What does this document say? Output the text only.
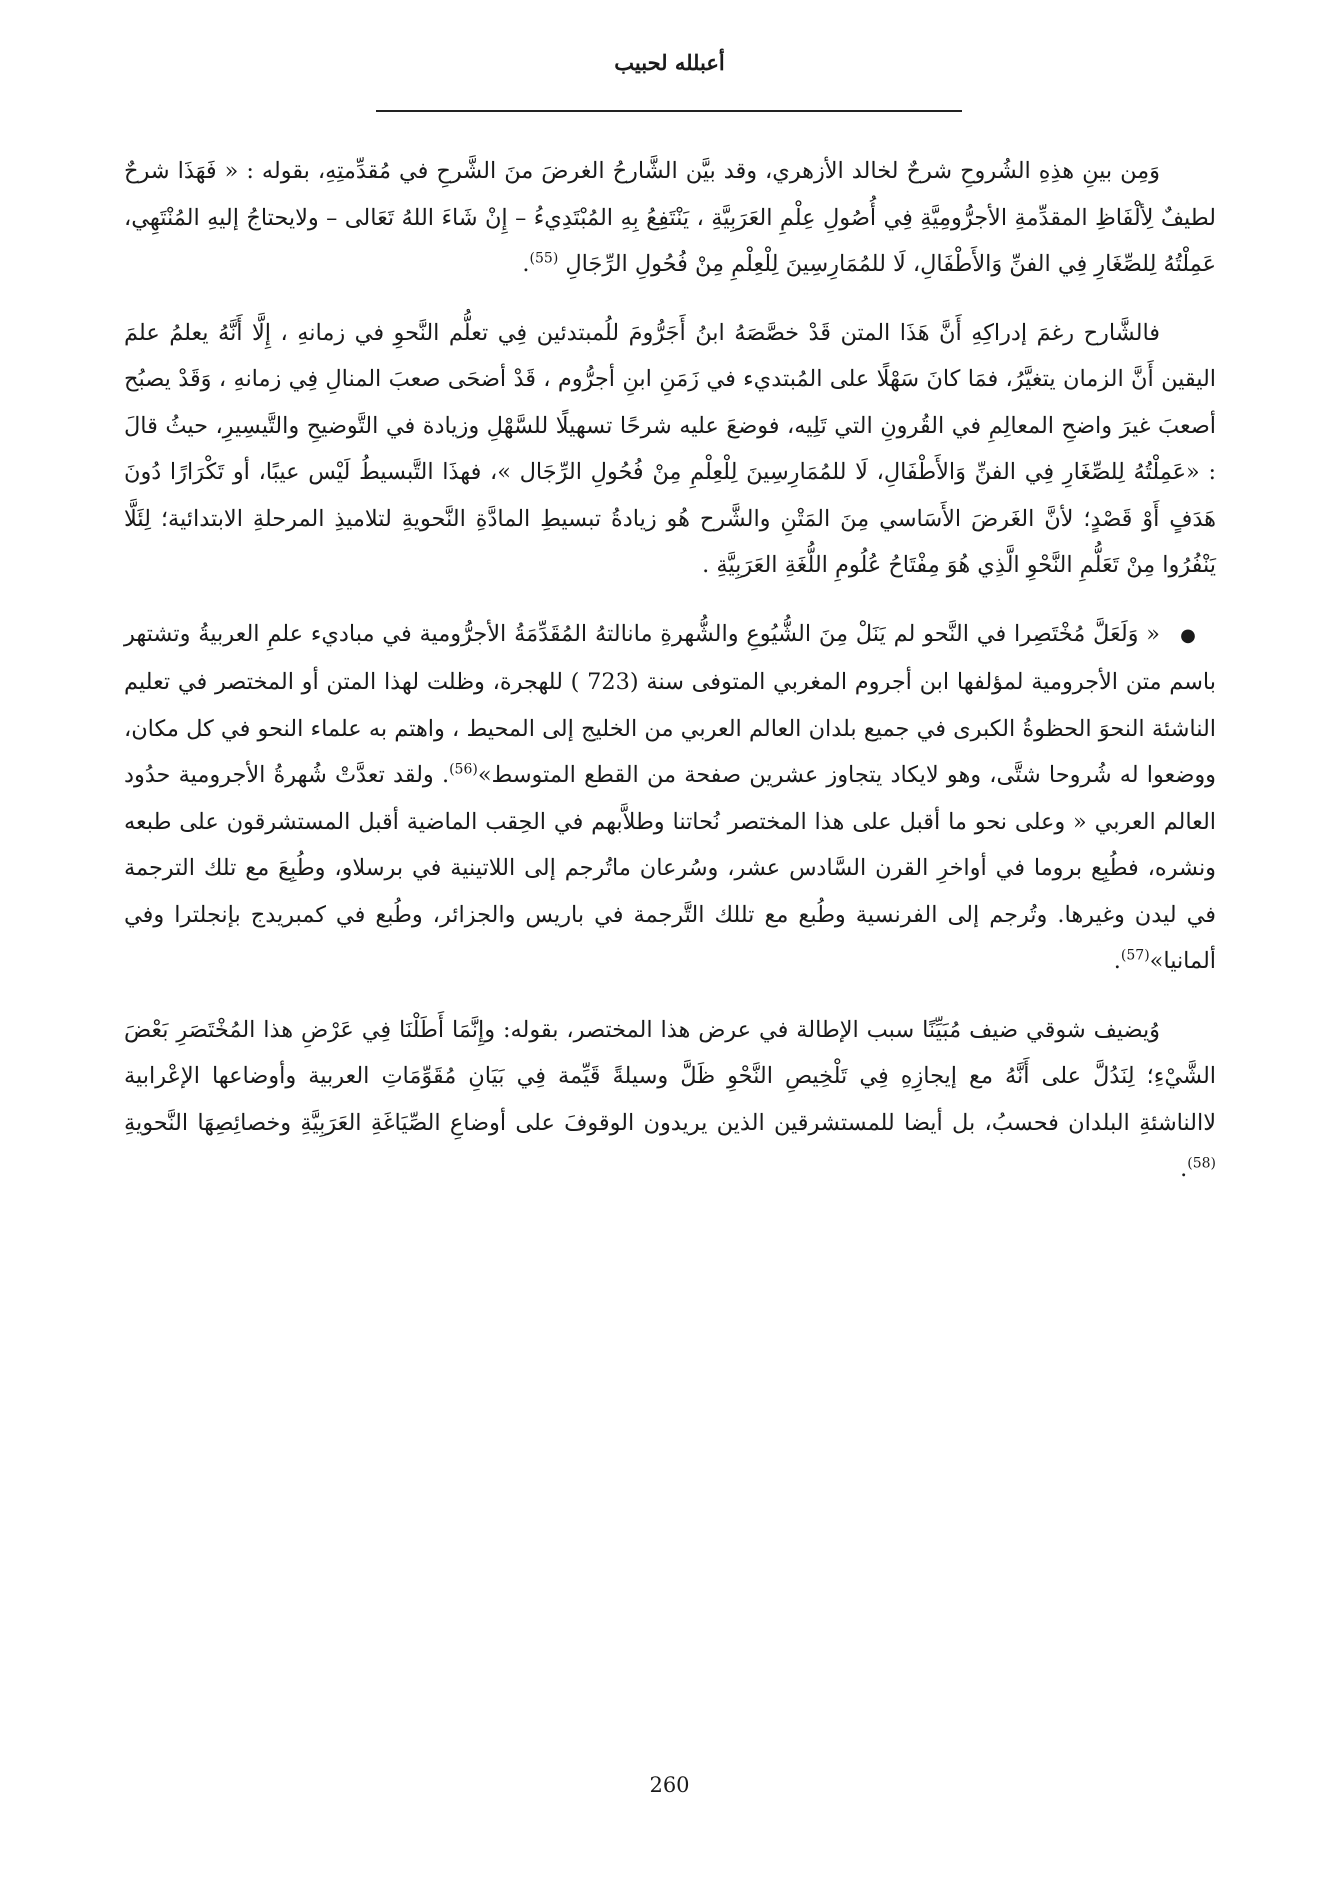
أعبلله لحبيب

وَمِن بينِ هذِهِ الشُروحِ شرحٌ لخالد الأزهري، وقد بيَّن الشَّارحُ الغرضَ منَ الشَّرحِ في مُقدِّمتِهِ، بقوله : « فَهَذَا شرحٌ لطيفٌ لِألْفَاظِ المقدِّمةِ الأجرُّومِيَّةِ فِي أُصُولِ عِلْمِ العَرَبِيَّةِ ، يَنْتَفِعُ بِهِ المُبْتَدِيءُ – إِنْ شَاءَ اللهُ تَعَالى – ولايحتاجُ إليهِ المُنْتَهِي، عَمِلْتُهُ لِلصِّغَارِ فِي الفنِّ وَالأَطْفَالِ، لَا للمُمَارِسِينَ لِلْعِلْمِ مِنْ فُحُولِ الرِّجَالِ $^{(55)}$.

فالشَّارح رغمَ إدراكِهِ أَنَّ هَذَا المتن قَدْ خصَّصَهُ ابنُ أَجَرُّومَ للُمبتدئين فِي تعلُّم النَّحوِ في زمانهِ ، إِلَّا أَنَّهُ يعلمُ علمَ اليقين أَنَّ الزمان يتغيَّرُ، فمَا كانَ سَهْلًا على المُبتديء في زَمَنِ ابنِ أجرُّوم ، قَدْ أضحَى صعبَ المنالِ فِي زمانهِ ، وَقَدْ يصبُح أصعبَ غيرَ واضحِ المعالِمِ في القُرونِ التي تَلِيه، فوضعَ عليه شرحًا تسهيلًا للسَّهْلِ وزيادة في التَّوضيحِ والتَّيسِيرِ، حيثُ قالَ : «عَمِلْتُهُ لِلصِّغَارِ فِي الفنِّ وَالأَطْفَالِ، لَا للمُمَارِسِينَ لِلْعِلْمِ مِنْ فُحُولِ الرِّجَال »، فهذَا التَّبسيطُ لَيْس عيبًا، أو تَكْرَارًا دُونَ هَدَفٍ أَوْ قَصْدٍ؛ لأنَّ الغَرضَ الأَسَاسي مِنَ المَتْنِ والشَّرح هُو زيادةُ تبسيطِ المادَّةِ النَّحويةِ لتلاميذِ المرحلةِ الابتدائية؛ لِئَلَّا يَنْفُرُوا مِنْ تَعَلُّمِ النَّحْوِ الَّذِي هُوَ مِفْتَاحُ عُلُومِ اللُّغَةِ العَرَبِيَّةِ .

●« وَلَعَلَّ مُخْتَصِرا في النَّحو لم يَنَلْ مِنَ الشُّيُوعِ والشُّهرةِ مانالتهُ المُقَدِّمَةُ الأجرُّومية في مباديء علمِ العربيةُ وتشتهر باسم متن الأجرومية لمؤلفها ابن أجروم المغربي المتوفى سنة (723 ) للهجرة، وظلت لهذا المتن أو المختصر في تعليم الناشئة النحوَ الحظوةُ الكبرى في جميع بلدان العالم العربي من الخليج إلى المحيط ، واهتم به علماء النحو في كل مكان، ووضعوا له شُروحا شتَّى، وهو لايكاد يتجاوز عشرين صفحة من القطع المتوسط»$^{(56)}$. ولقد تعدَّتْ شُهرةُ الأجرومية حدُود العالم العربي « وعلى نحو ما أقبل على هذا المختصر نُحاتنا وطلاَّبهم في الحِقب الماضية أقبل المستشرقون على طبعه ونشره، فطُبِع بروما في أواخرِ القرن السَّادس عشر، وسُرعان ماتُرجم إلى اللاتينية في برسلاو، وطُبِعَ مع تلك الترجمة في ليدن وغيرها. وتُرجم إلى الفرنسية وطُبع مع تللك التَّرجمة في باريس والجزائر، وطُبع في كمبريدج بإنجلترا وفي ألمانيا»$^{(57)}$.

وُيضيف شوقي ضيف مُبَيِّنًا سبب الإطالة في عرض هذا المختصر، بقوله: وإِنَّمَا أَطَلْنَا فِي عَرْضِ هذا المُخْتَصَرِ بَعْضَ الشَّيْءِ؛ لِنَدُلَّ على أَنَّهُ مع إيجازِهِ فِي تَلْخِيصِ النَّحْوِ ظَلَّ وسيلةً قَيِّمة فِي بَيَانِ مُقَوِّمَاتِ العربية وأوضاعها الإعْرابية لاالناشئةِ البلدان فحسبُ، بل أيضا للمستشرقين الذين يريدون الوقوفَ على أوضاعِ الصِّيَاغَةِ العَرَبِيَّةِ وخصائِصِهَا النَّحويةِ $^{(58)}$.

260
